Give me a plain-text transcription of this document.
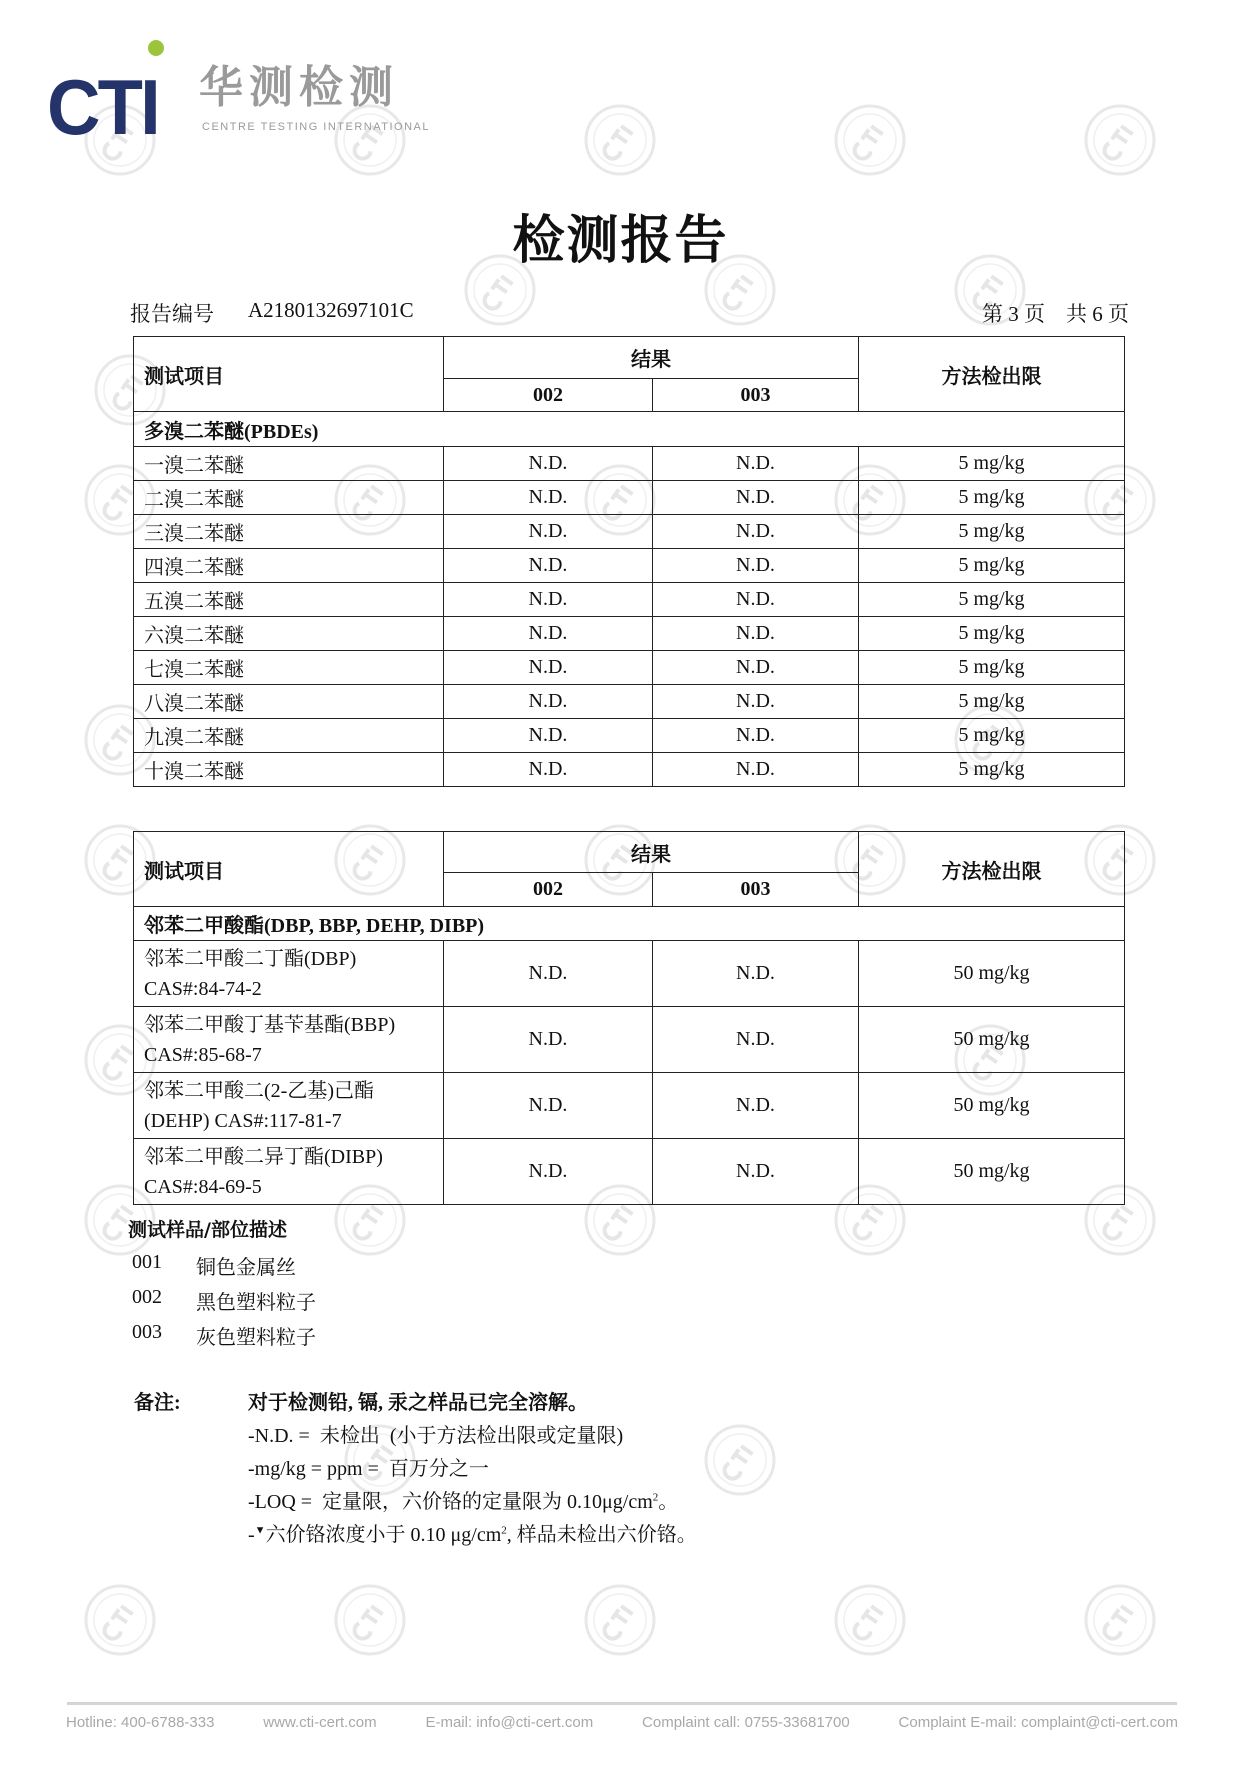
CTI 华测检测
CENTRE TESTING INTERNATIONAL
检测报告
报告编号 A2180132697101C	第 3 页　共 6 页
测试项目	结果		方法检出限
	002	003	
多溴二苯醚(PBDEs)			
一溴二苯醚	N.D.	N.D.	5 mg/kg
二溴二苯醚	N.D.	N.D.	5 mg/kg
三溴二苯醚	N.D.	N.D.	5 mg/kg
四溴二苯醚	N.D.	N.D.	5 mg/kg
五溴二苯醚	N.D.	N.D.	5 mg/kg
六溴二苯醚	N.D.	N.D.	5 mg/kg
七溴二苯醚	N.D.	N.D.	5 mg/kg
八溴二苯醚	N.D.	N.D.	5 mg/kg
九溴二苯醚	N.D.	N.D.	5 mg/kg
十溴二苯醚	N.D.	N.D.	5 mg/kg
测试项目	结果		方法检出限
	002	003	
邻苯二甲酸酯(DBP, BBP, DEHP, DIBP)			

邻苯二甲酸二丁酯(DBP)
CAS#:84-74-2	N.D.	N.D.	50 mg/kg

邻苯二甲酸丁基苄基酯(BBP)
CAS#:85-68-7	N.D.	N.D.	50 mg/kg

邻苯二甲酸二(2-乙基)己酯
(DEHP) CAS#:117-81-7	N.D.	N.D.	50 mg/kg

邻苯二甲酸二异丁酯(DIBP)
CAS#:84-69-5	N.D.	N.D.	50 mg/kg
测试样品/部位描述
001 铜色金属丝
002 黑色塑料粒子
003 灰色塑料粒子
备注:	对于检测铅, 镉, 汞之样品已完全溶解。
-N.D. =  未检出  (小于方法检出限或定量限)
-mg/kg = ppm =  百万分之一
-LOQ =  定量限，六价铬的定量限为 $0.10\mu g/cm^2$。
-▼六价铬浓度小于 0.10 $\mu g/cm^2$, 样品未检出六价铬。
Hotline: 400-6788-333	www.cti-cert.com	E-mail: info@cti-cert.com	Complaint call: 0755-33681700	Complaint E-mail: complaint@cti-cert.com
